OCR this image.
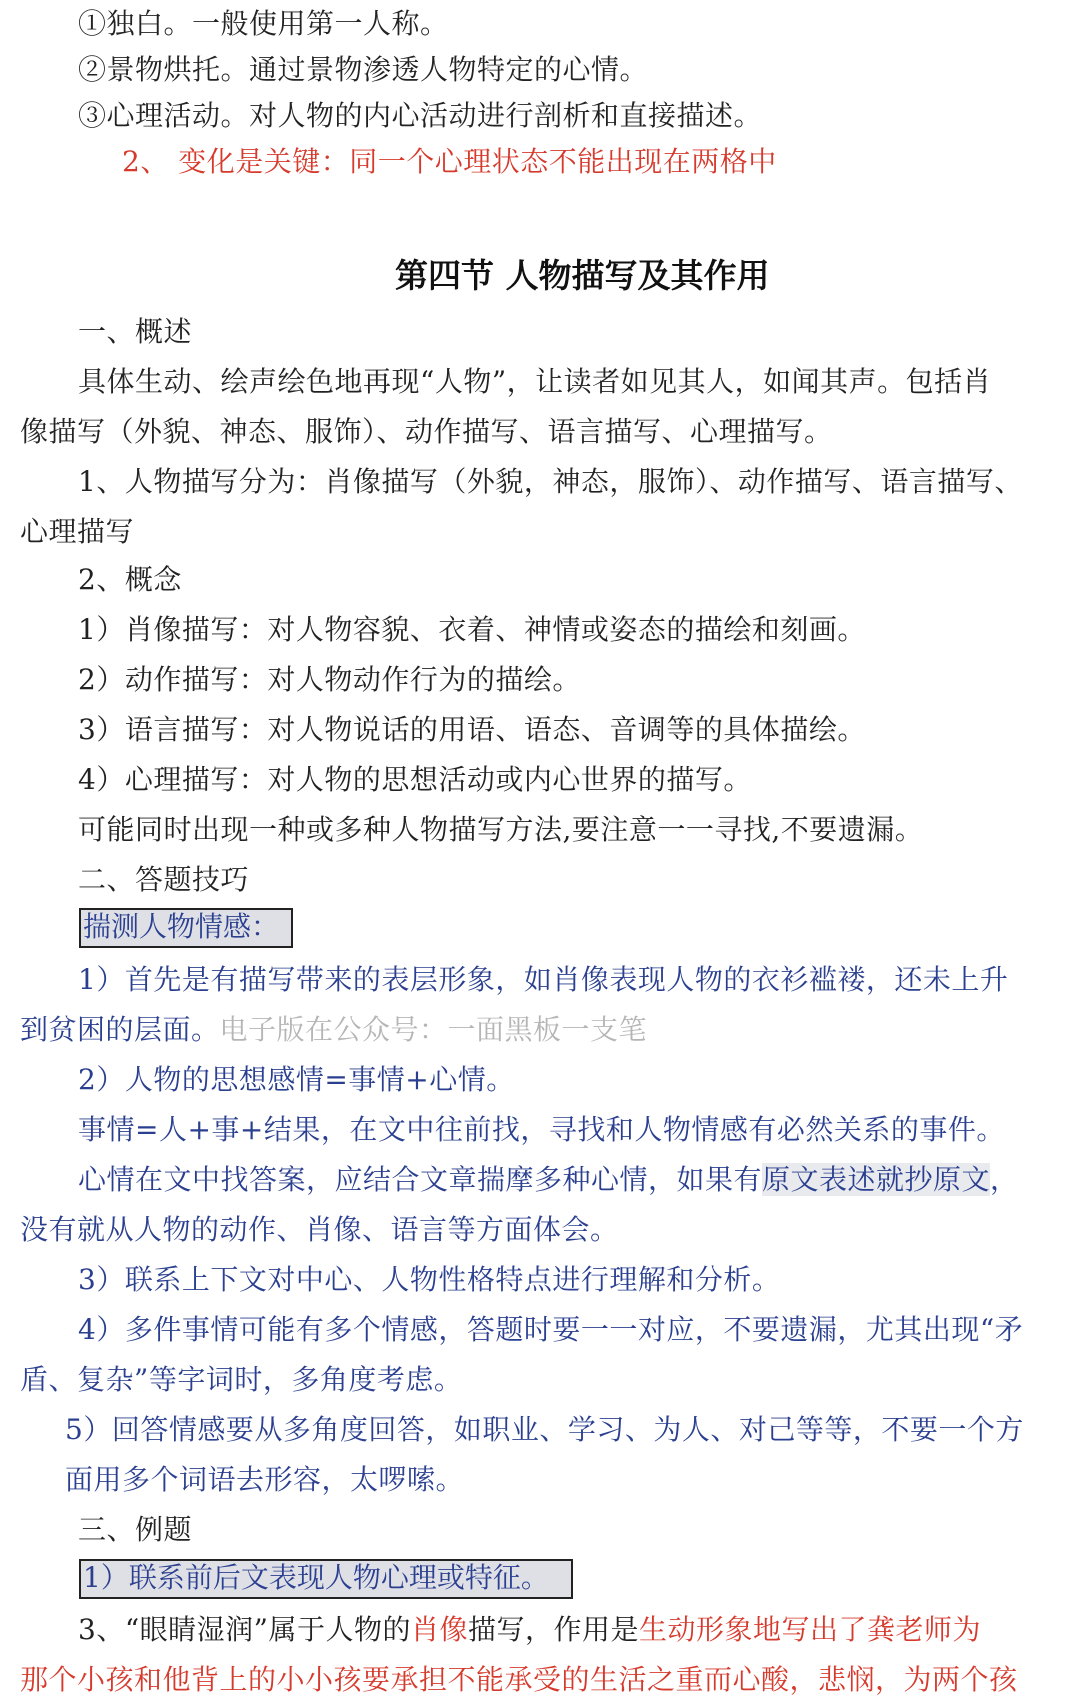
①独白。一般使用第一人称。
②景物烘托。通过景物渗透人物特定的心情。
③心理活动。对人物的内心活动进行剖析和直接描述。
2、 变化是关键：同一个心理状态不能出现在两格中
第四节 人物描写及其作用
一、概述
具体生动、绘声绘色地再现“人物”，让读者如见其人，如闻其声。包括肖
像描写（外貌、神态、服饰）、动作描写、语言描写、心理描写。
1、人物描写分为：肖像描写（外貌，神态，服饰）、动作描写、语言描写、
心理描写
2、概念
1）肖像描写：对人物容貌、衣着、神情或姿态的描绘和刻画。
2）动作描写：对人物动作行为的描绘。
3）语言描写：对人物说话的用语、语态、音调等的具体描绘。
4）心理描写：对人物的思想活动或内心世界的描写。
可能同时出现一种或多种人物描写方法,要注意一一寻找,不要遗漏。
二、答题技巧
揣测人物情感：
1）首先是有描写带来的表层形象，如肖像表现人物的衣衫褴褛，还未上升
到贫困的层面。电子版在公众号：一面黑板一支笔
2）人物的思想感情=事情+心情。
事情=人+事+结果，在文中往前找，寻找和人物情感有必然关系的事件。
心情在文中找答案，应结合文章揣摩多种心情，如果有原文表述就抄原文，
没有就从人物的动作、肖像、语言等方面体会。
3）联系上下文对中心、人物性格特点进行理解和分析。
4）多件事情可能有多个情感，答题时要一一对应，不要遗漏，尤其出现“矛
盾、复杂”等字词时，多角度考虑。
5）回答情感要从多角度回答，如职业、学习、为人、对己等等，不要一个方
面用多个词语去形容，太啰嗦。
三、例题
1）联系前后文表现人物心理或特征。
3、“眼睛湿润”属于人物的肖像描写，作用是生动形象地写出了龚老师为
那个小孩和他背上的小小孩要承担不能承受的生活之重而心酸，悲悯，为两个孩
